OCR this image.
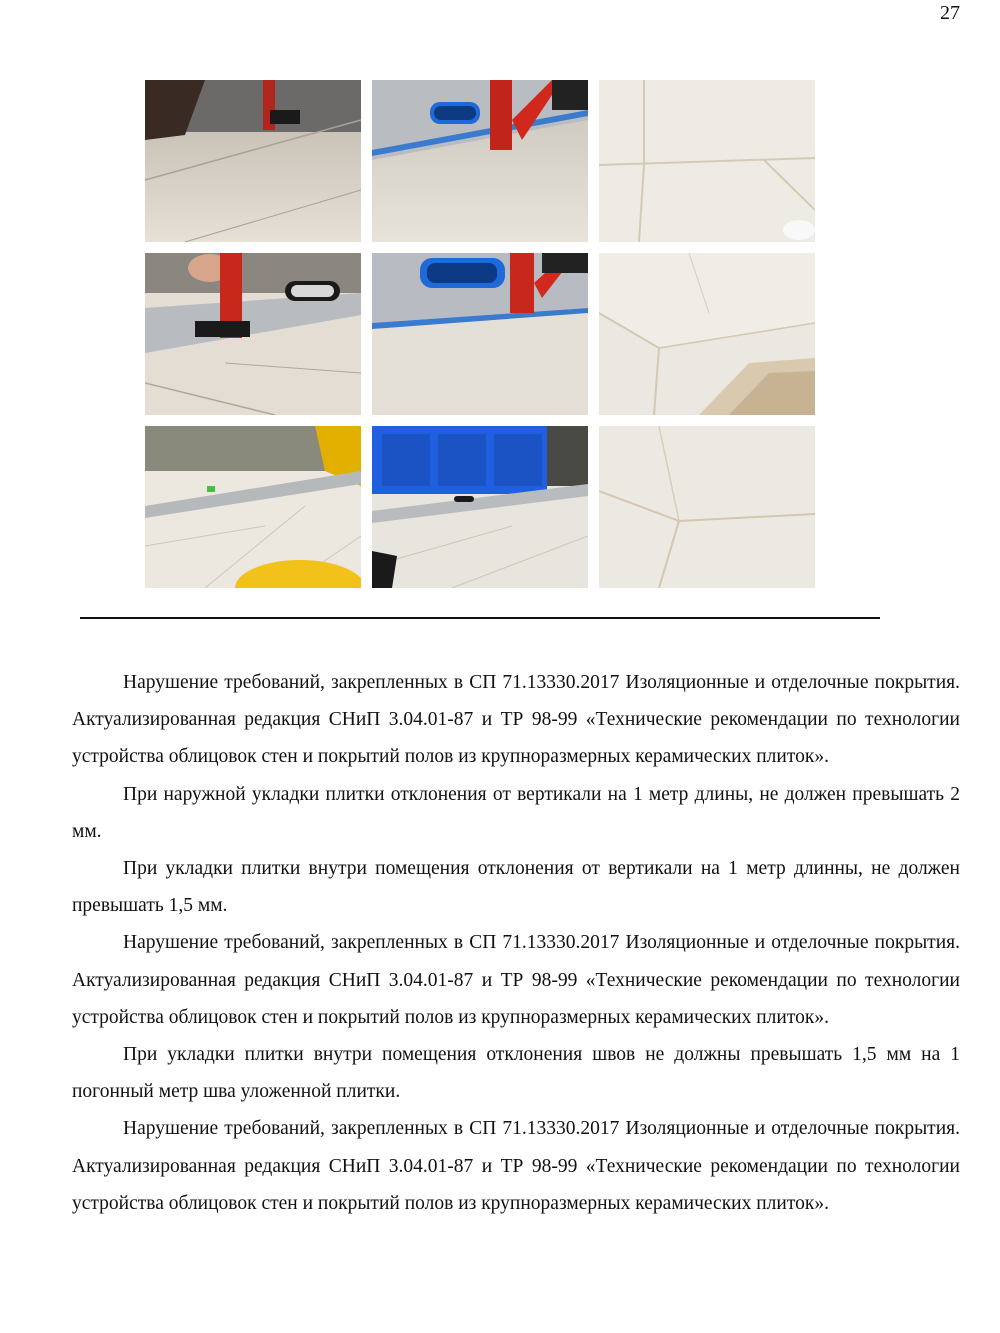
27

Нарушение требований, закрепленных в СП 71.13330.2017 Изоляционные и отделочные покрытия. Актуализированная редакция СНиП 3.04.01-87 и ТР 98-99 «Технические рекомендации по технологии устройства облицовок стен и покрытий полов из крупноразмерных керамических плиток».

При наружной укладки плитки отклонения от вертикали на 1 метр длины, не должен превышать 2 мм.

При укладки плитки внутри помещения отклонения от вертикали на 1 метр длинны, не должен превышать 1,5 мм.

Нарушение требований, закрепленных в СП 71.13330.2017 Изоляционные и отделочные покрытия. Актуализированная редакция СНиП 3.04.01-87 и ТР 98-99 «Технические рекомендации по технологии устройства облицовок стен и покрытий полов из крупноразмерных керамических плиток».

При укладки плитки внутри помещения отклонения швов не должны превышать 1,5 мм на 1 погонный метр шва уложенной плитки.

Нарушение требований, закрепленных в СП 71.13330.2017 Изоляционные и отделочные покрытия. Актуализированная редакция СНиП 3.04.01-87 и ТР 98-99 «Технические рекомендации по технологии устройства облицовок стен и покрытий полов из крупноразмерных керамических плиток».
